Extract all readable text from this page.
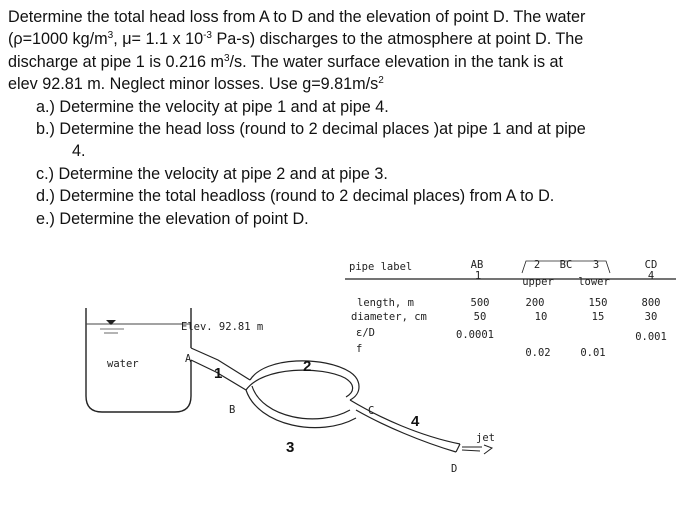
Determine the total head loss from A to D and the elevation of point D. The water
(ρ=1000 $kg/m^3$, μ= 1.1 x $10^{-3}$ Pa-s) discharges to the atmosphere at point D. The
discharge at pipe 1 is 0.216 $m^3/s$. The water surface elevation in the tank is at
elev 92.81 m. Neglect minor losses. Use $g=9.81m/s^2$

a.) Determine the velocity at pipe 1 and at pipe 4.
b.) Determine the head loss (round to 2 decimal places )at pipe 1 and at pipe
4.
c.) Determine the velocity at pipe 2 and at pipe 3.
d.) Determine the total headloss (round to 2 decimal places) from A to D.
e.) Determine the elevation of point D.
pipe label	AB
1
2 BC 3
upper lower
CD
4
length, m
diameter, cm
ε/D
f
500
50
0.0001
200
10
0.02
150
15
0.01
800
30
0.001
water
Elev. 92.81 m
A
1
B
2
3
C
4
jet
D
